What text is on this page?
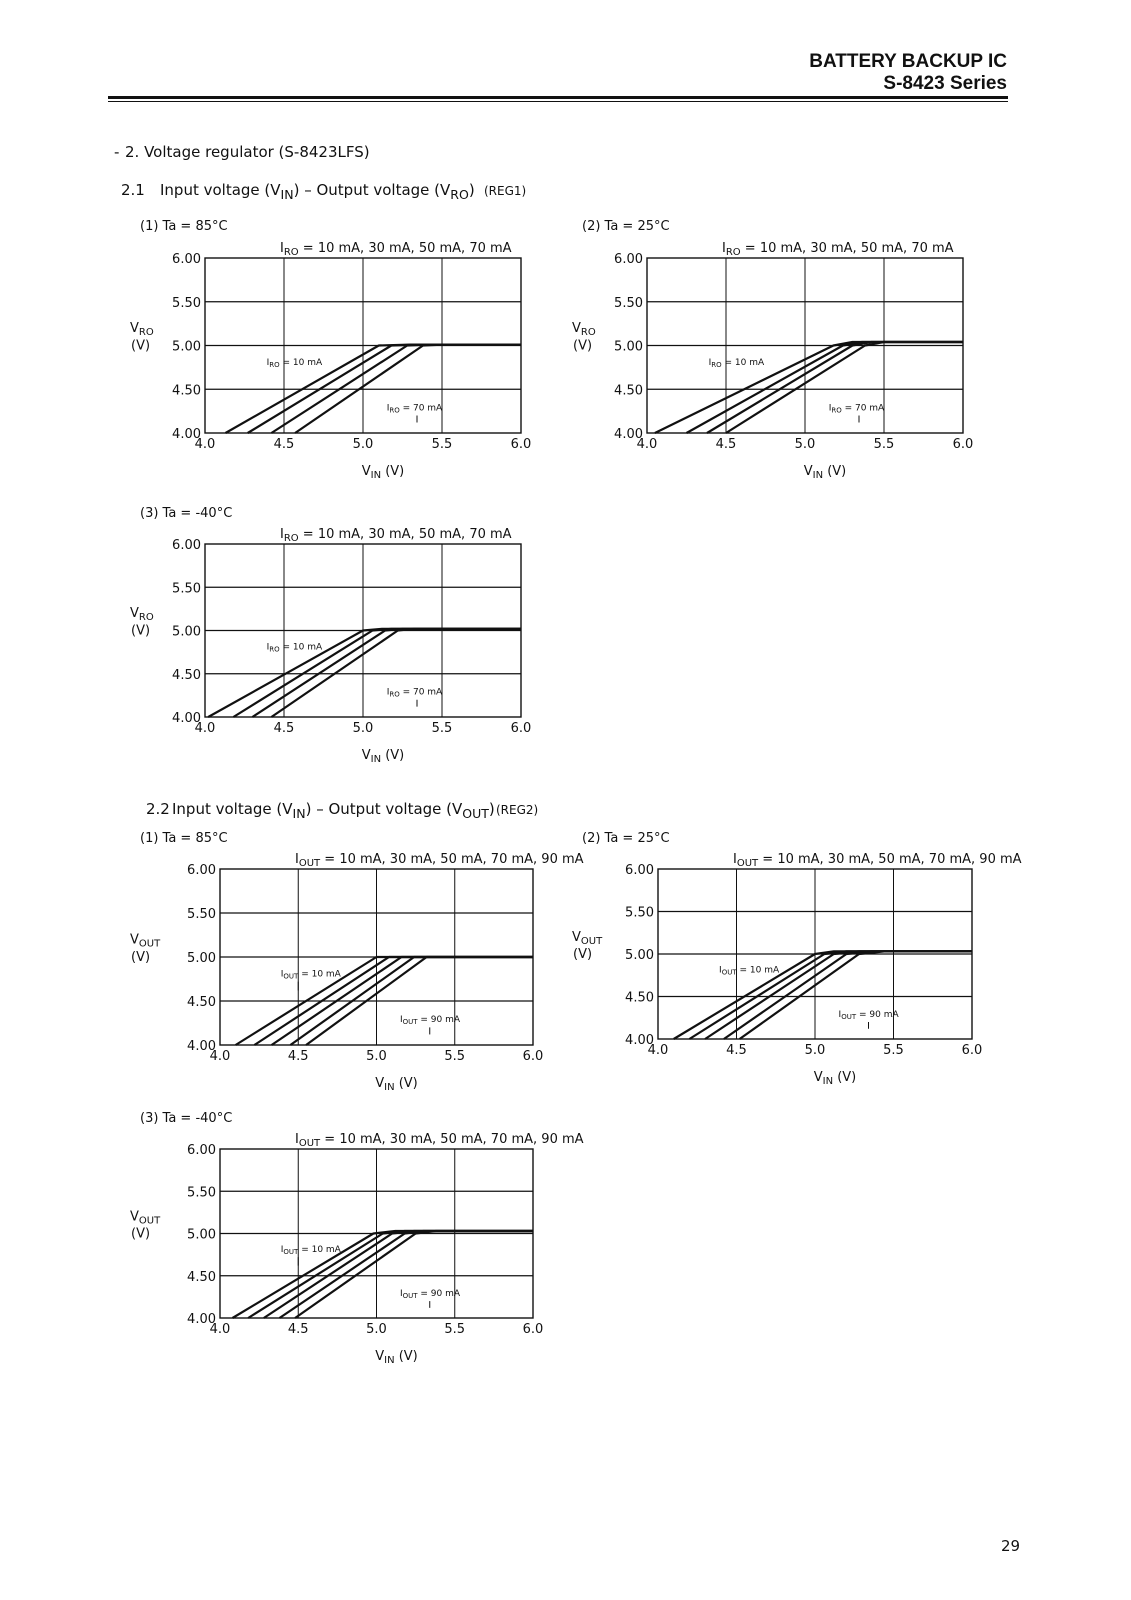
BATTERY BACKUP IC
S-8423 Series
- 2. Voltage regulator (S-8423LFS)
2.1 Input voltage $(V_{IN})$ – Output voltage $(V_{RO})$ (REG1)
2.2 Input voltage $(V_{IN})$ – Output voltage $(V_{OUT})$ (REG2)
(1) Ta = 85°C
$I_{RO} = 10$ mA, 30 mA, 50 mA, 70 mA
4.0	4.5	5.0	5.5	6.0
4.00
4.50
5.00
5.50
6.00
$V_{RO}$
(V)
$V_{IN}$ (V)
$I_{RO} = 10$ mA
$I_{RO} = 70$ mA
(2) Ta = 25°C
$I_{RO} = 10$ mA, 30 mA, 50 mA, 70 mA
4.0	4.5	5.0	5.5	6.0
4.00
4.50
5.00
5.50
6.00
$V_{RO}$
(V)
$V_{IN}$ (V)
$I_{RO} = 10$ mA
$I_{RO} = 70$ mA
(3) Ta = -40°C
$I_{RO} = 10$ mA, 30 mA, 50 mA, 70 mA
4.0	4.5	5.0	5.5	6.0
4.00
4.50
5.00
5.50
6.00
$V_{RO}$
(V)
$V_{IN}$ (V)
$I_{RO} = 10$ mA
$I_{RO} = 70$ mA
(1) Ta = 85°C
$I_{OUT} = 10$ mA, 30 mA, 50 mA, 70 mA, 90 mA
4.0	4.5	5.0	5.5	6.0
4.00
4.50
5.00
5.50
6.00
$V_{OUT}$
(V)
$V_{IN}$ (V)
$I_{OUT} = 10$ mA
$I_{OUT} = 90$ mA
(2) Ta = 25°C
$I_{OUT} = 10$ mA, 30 mA, 50 mA, 70 mA, 90 mA
4.0	4.5	5.0	5.5	6.0
4.00
4.50
5.00
5.50
6.00
$V_{OUT}$
(V)
$V_{IN}$ (V)
$I_{OUT} = 10$ mA
$I_{OUT} = 90$ mA
(3) Ta = -40°C
$I_{OUT} = 10$ mA, 30 mA, 50 mA, 70 mA, 90 mA
4.0	4.5	5.0	5.5	6.0
4.00
4.50
5.00
5.50
6.00
$V_{OUT}$
(V)
$V_{IN}$ (V)
$I_{OUT} = 10$ mA
$I_{OUT} = 90$ mA
29
